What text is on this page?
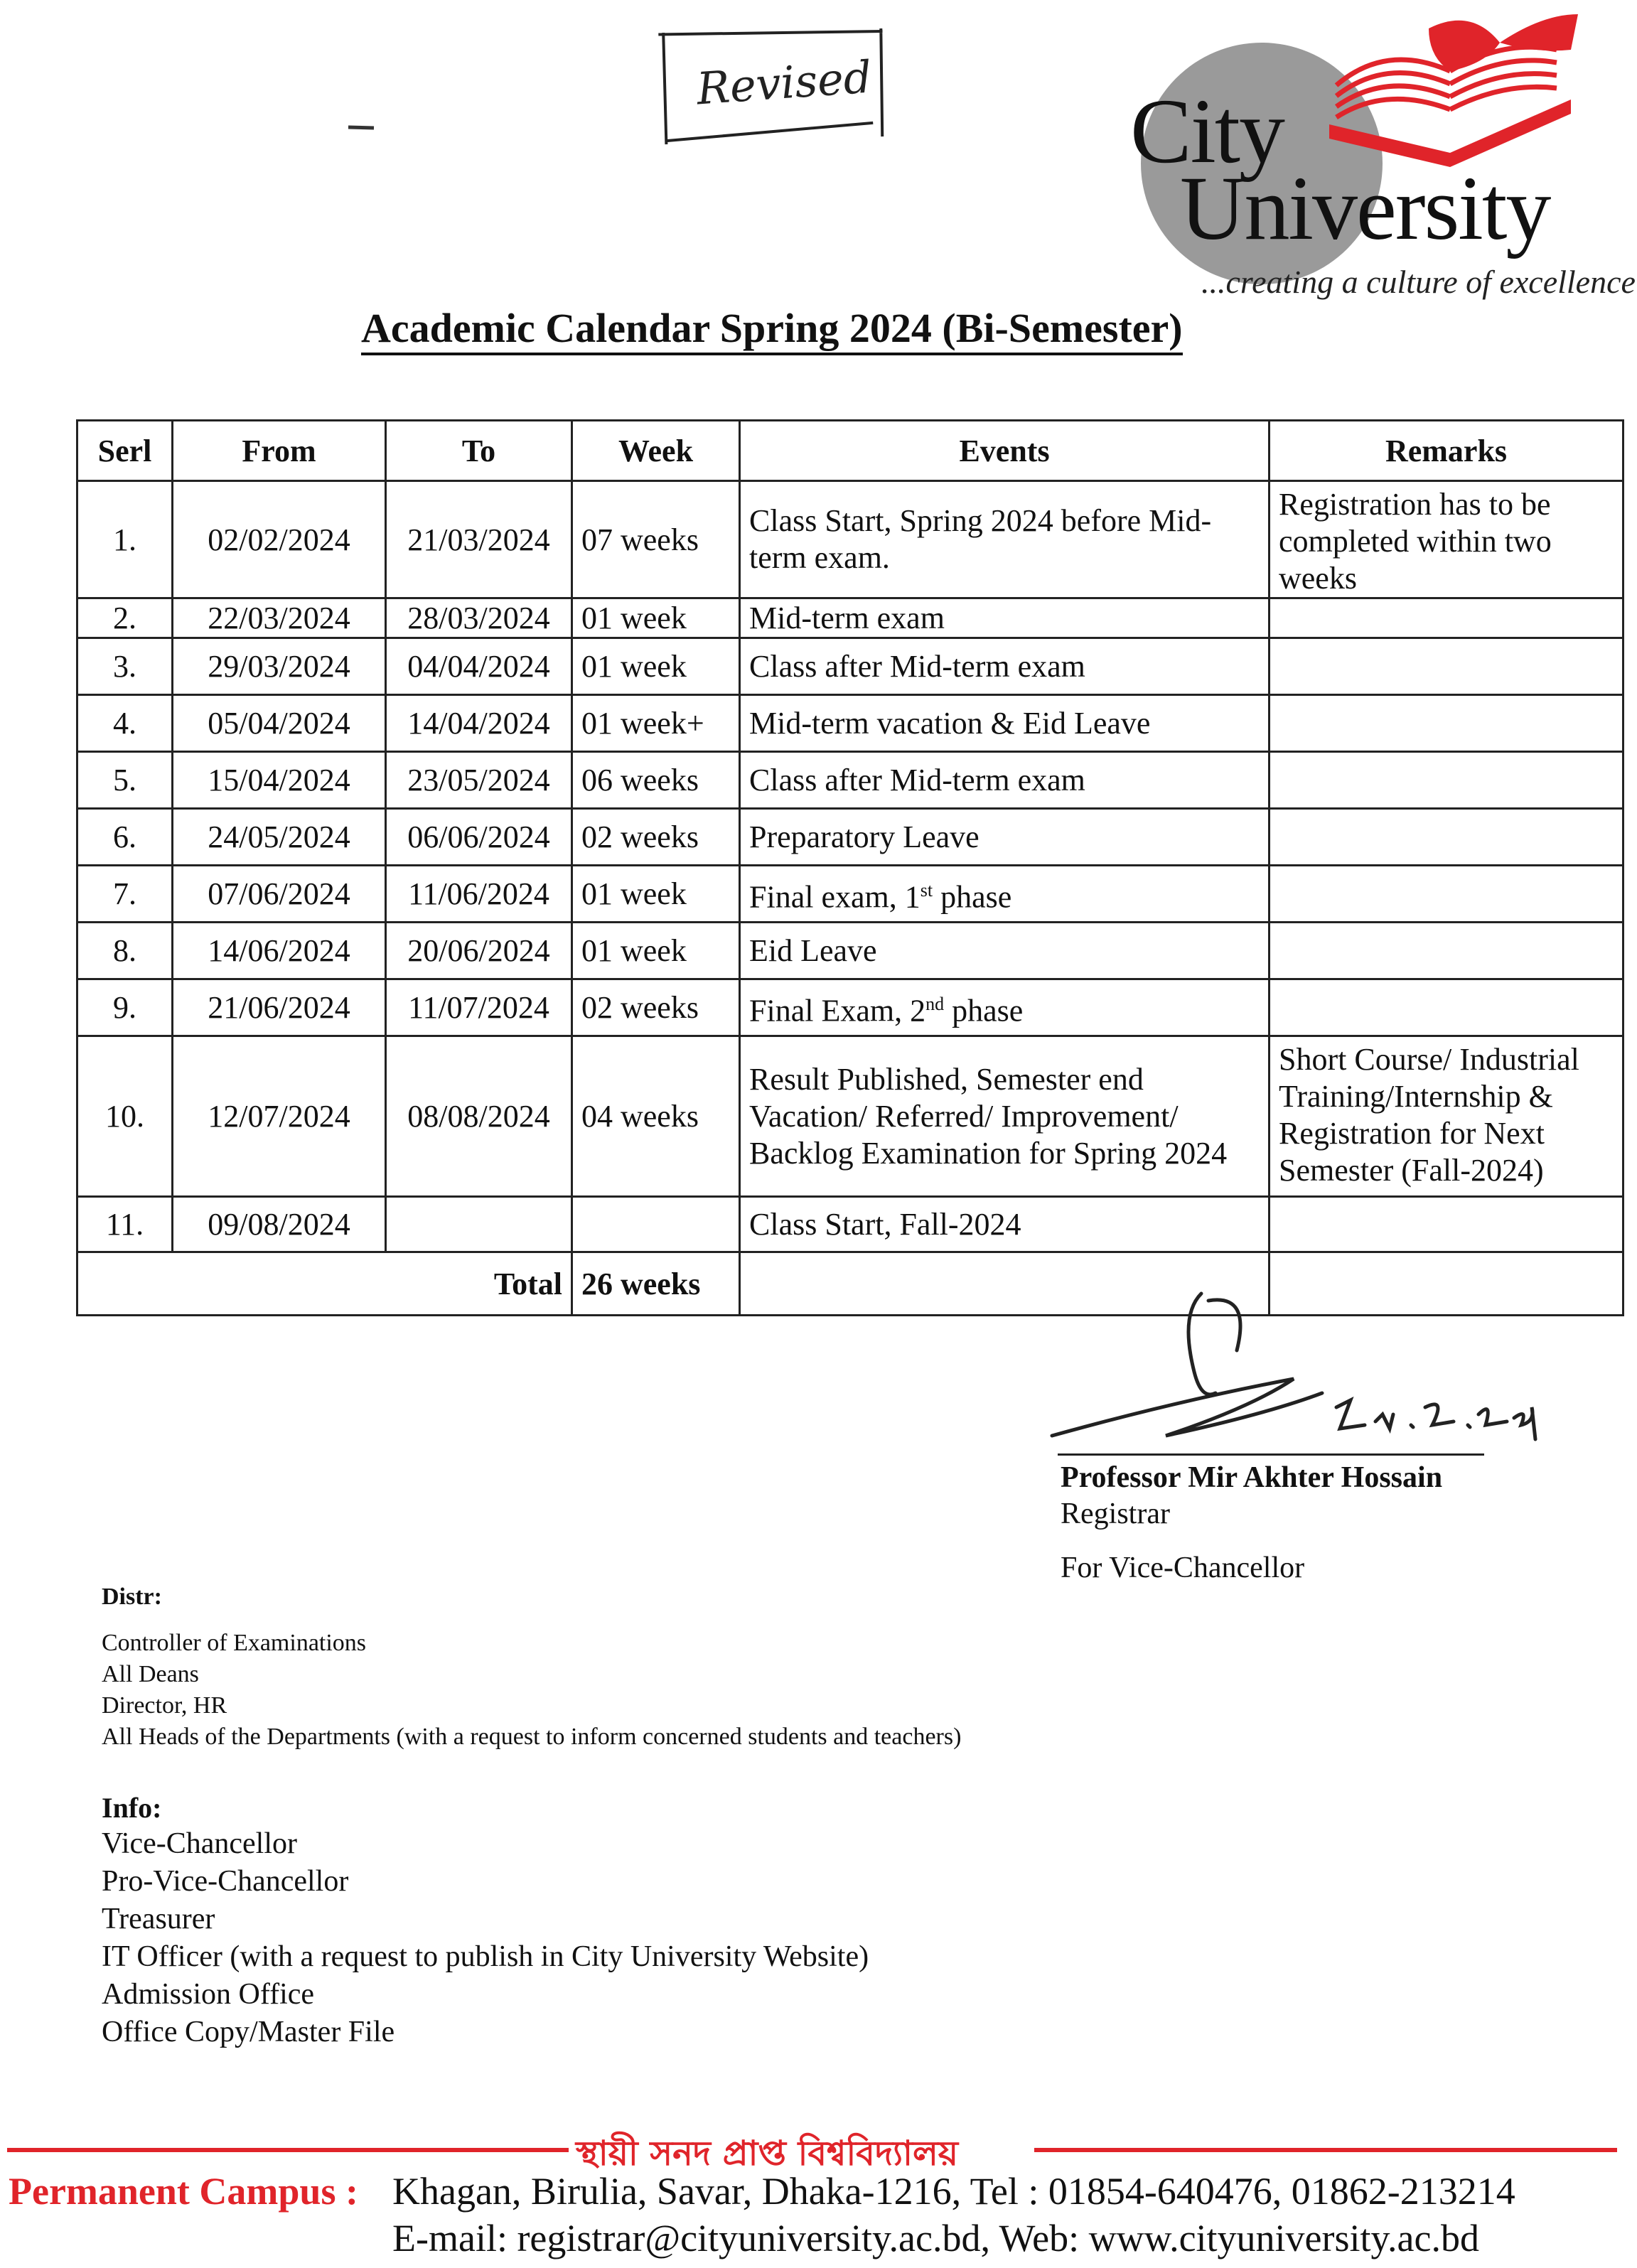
Revised	City
University
...creating a culture of excellence
Academic Calendar Spring 2024 (Bi-Semester)
Serl	From	To	Week	Events	Remarks
1.	02/02/2024	21/03/2024	07 weeks	Class Start, Spring 2024 before Mid-term exam.	Registration has to be completed within two weeks
2.	22/03/2024	28/03/2024	01 week	Mid-term exam	
3.	29/03/2024	04/04/2024	01 week	Class after Mid-term exam	
4.	05/04/2024	14/04/2024	01 week+	Mid-term vacation & Eid Leave	
5.	15/04/2024	23/05/2024	06 weeks	Class after Mid-term exam	
6.	24/05/2024	06/06/2024	02 weeks	Preparatory Leave	
7.	07/06/2024	11/06/2024	01 week	Final exam, 1st phase	
8.	14/06/2024	20/06/2024	01 week	Eid Leave	
9.	21/06/2024	11/07/2024	02 weeks	Final Exam, 2nd phase	
10.	12/07/2024	08/08/2024	04 weeks	Result Published, Semester end Vacation/ Referred/ Improvement/ Backlog Examination for Spring 2024	Short Course/ Industrial Training/Internship & Registration for Next Semester (Fall-2024)
11.	09/08/2024			Class Start, Fall-2024	
Total			26 weeks		
Professor Mir Akhter Hossain
Registrar
For Vice-Chancellor
Distr:
Controller of Examinations
All Deans
Director, HR
All Heads of the Departments (with a request to inform concerned students and teachers)
Info:
Vice-Chancellor
Pro-Vice-Chancellor
Treasurer
IT Officer (with a request to publish in City University Website)
Admission Office
Office Copy/Master File
স্থায়ী সনদ প্রাপ্ত বিশ্ববিদ্যালয়
Permanent Campus : Khagan, Birulia, Savar, Dhaka-1216, Tel : 01854-640476, 01862-213214
E-mail: registrar@cityuniversity.ac.bd, Web: www.cityuniversity.ac.bd
